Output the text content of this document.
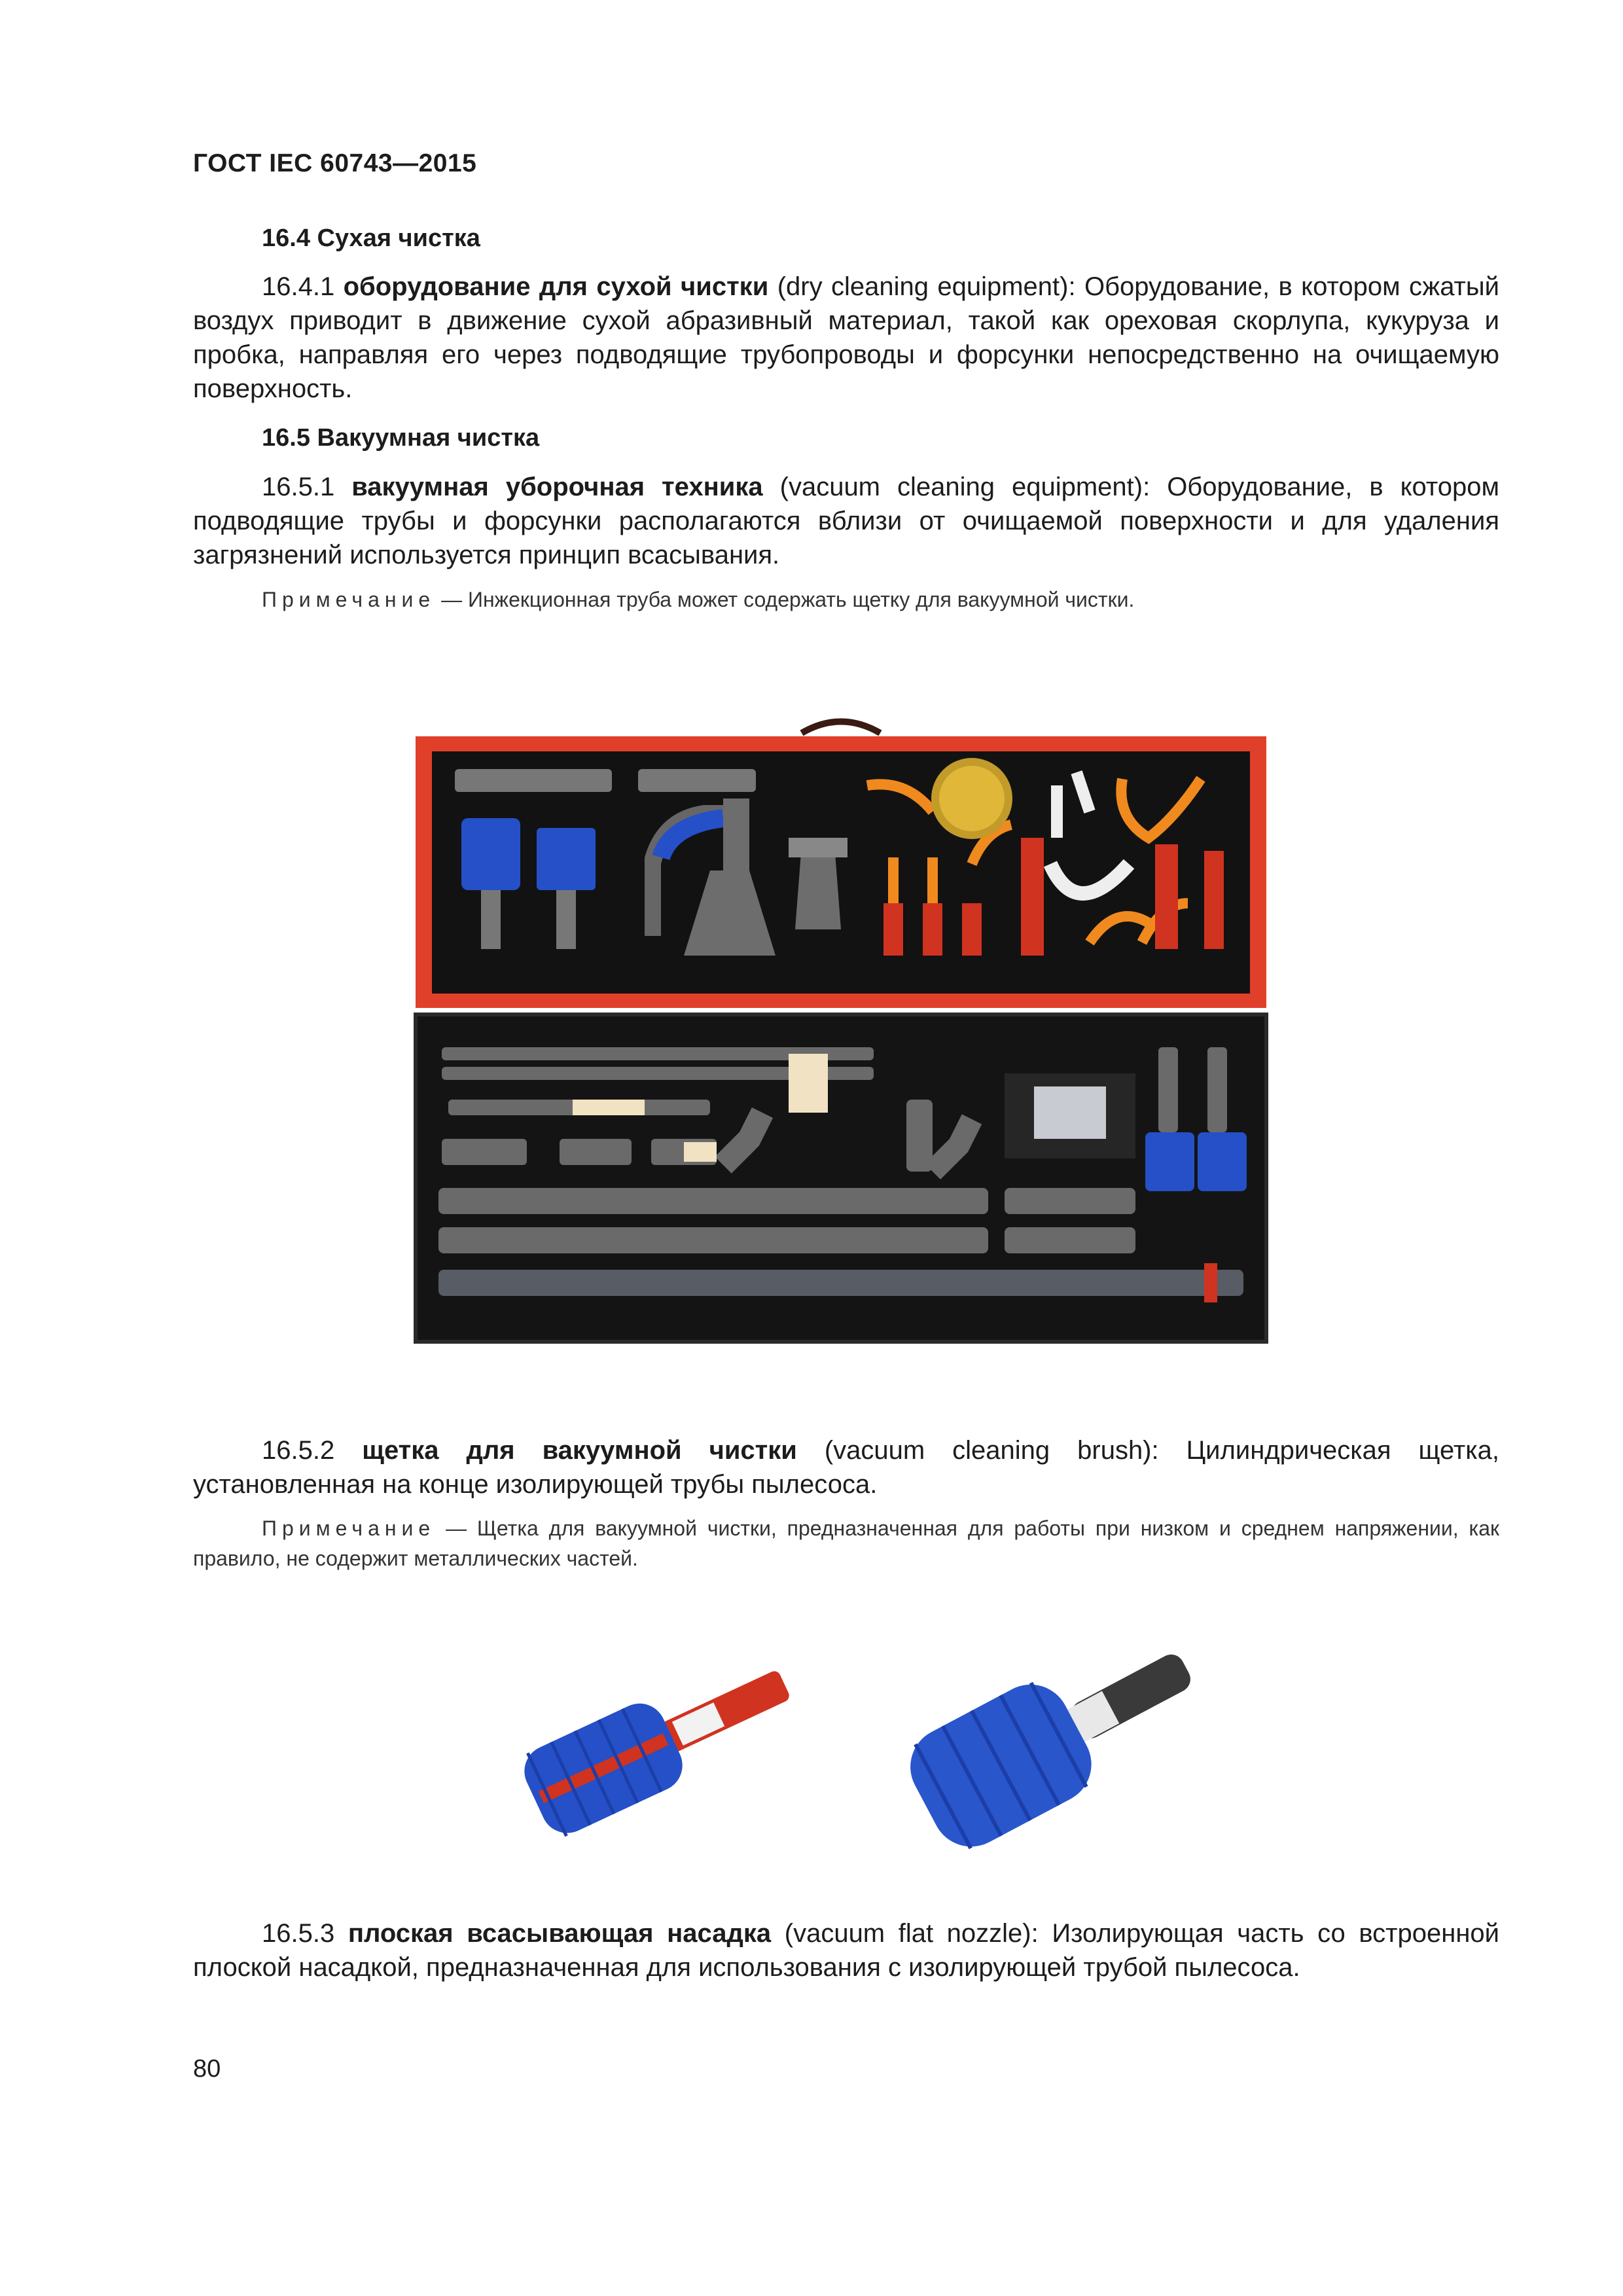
ГОСТ IEC 60743—2015
16.4 Сухая чистка
16.4.1 оборудование для сухой чистки (dry cleaning equipment): Оборудование, в котором сжатый воздух приводит в движение сухой абразивный материал, такой как ореховая скорлупа, кукуруза и пробка, направляя его через подводящие трубопроводы и форсунки непосредственно на очищаемую поверхность.
16.5 Вакуумная чистка
16.5.1 вакуумная уборочная техника (vacuum cleaning equipment): Оборудование, в котором подводящие трубы и форсунки располагаются вблизи от очищаемой поверхности и для удаления загрязнений используется принцип всасывания.
Примечание — Инжекционная труба может содержать щетку для вакуумной чистки.
16.5.2 щетка для вакуумной чистки (vacuum cleaning brush): Цилиндрическая щетка, установленная на конце изолирующей трубы пылесоса.
Примечание — Щетка для вакуумной чистки, предназначенная для работы при низком и среднем напряжении, как правило, не содержит металлических частей.
16.5.3 плоская всасывающая насадка (vacuum flat nozzle): Изолирующая часть со встроенной плоской насадкой, предназначенная для использования с изолирующей трубой пылесоса.
80
